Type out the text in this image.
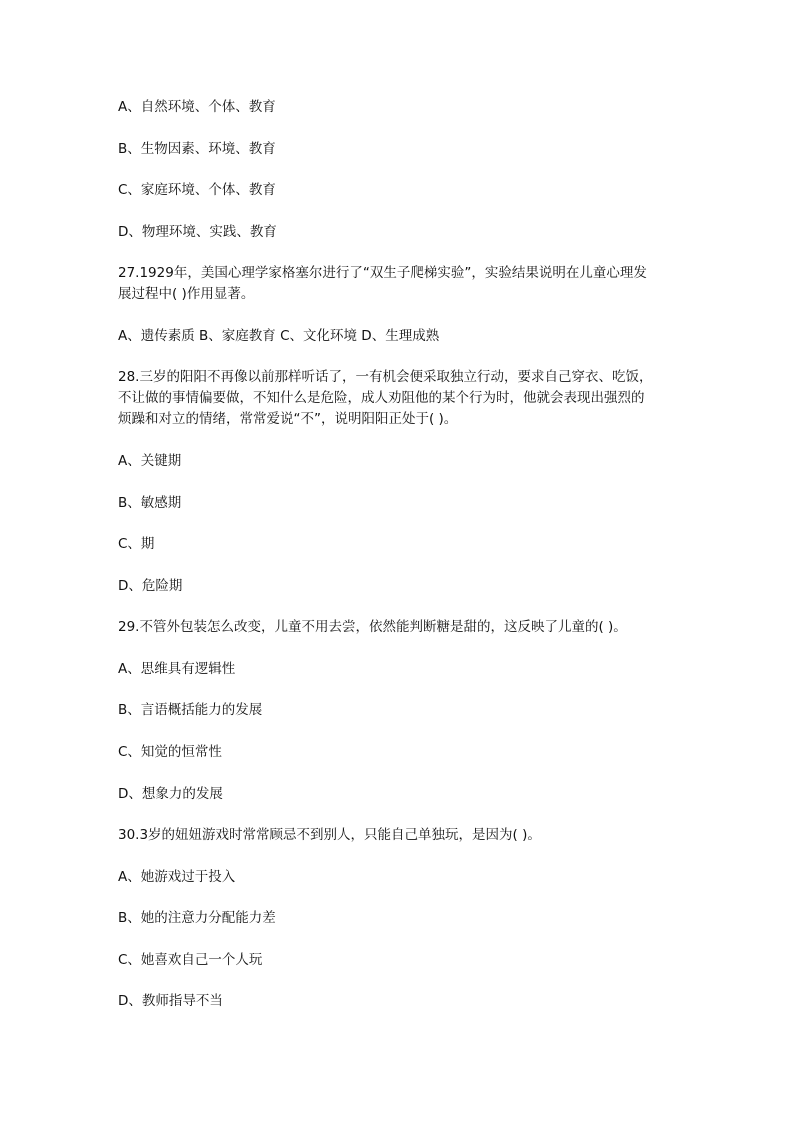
A、自然环境、个体、教育
B、生物因素、环境、教育
C、家庭环境、个体、教育
D、物理环境、实践、教育
27.1929年，美国心理学家格塞尔进行了“双生子爬梯实验”，实验结果说明在儿童心理发
展过程中( )作用显著。
A、遗传素质 B、家庭教育 C、文化环境 D、生理成熟
28.三岁的阳阳不再像以前那样听话了，一有机会便采取独立行动，要求自己穿衣、吃饭，
不让做的事情偏要做，不知什么是危险，成人劝阻他的某个行为时，他就会表现出强烈的
烦躁和对立的情绪，常常爱说“不”，说明阳阳正处于( )。
A、关键期
B、敏感期
C、期
D、危险期
29.不管外包装怎么改变，儿童不用去尝，依然能判断糖是甜的，这反映了儿童的( )。
A、思维具有逻辑性
B、言语概括能力的发展
C、知觉的恒常性
D、想象力的发展
30.3岁的妞妞游戏时常常顾忌不到别人，只能自己单独玩，是因为( )。
A、她游戏过于投入
B、她的注意力分配能力差
C、她喜欢自己一个人玩
D、教师指导不当
